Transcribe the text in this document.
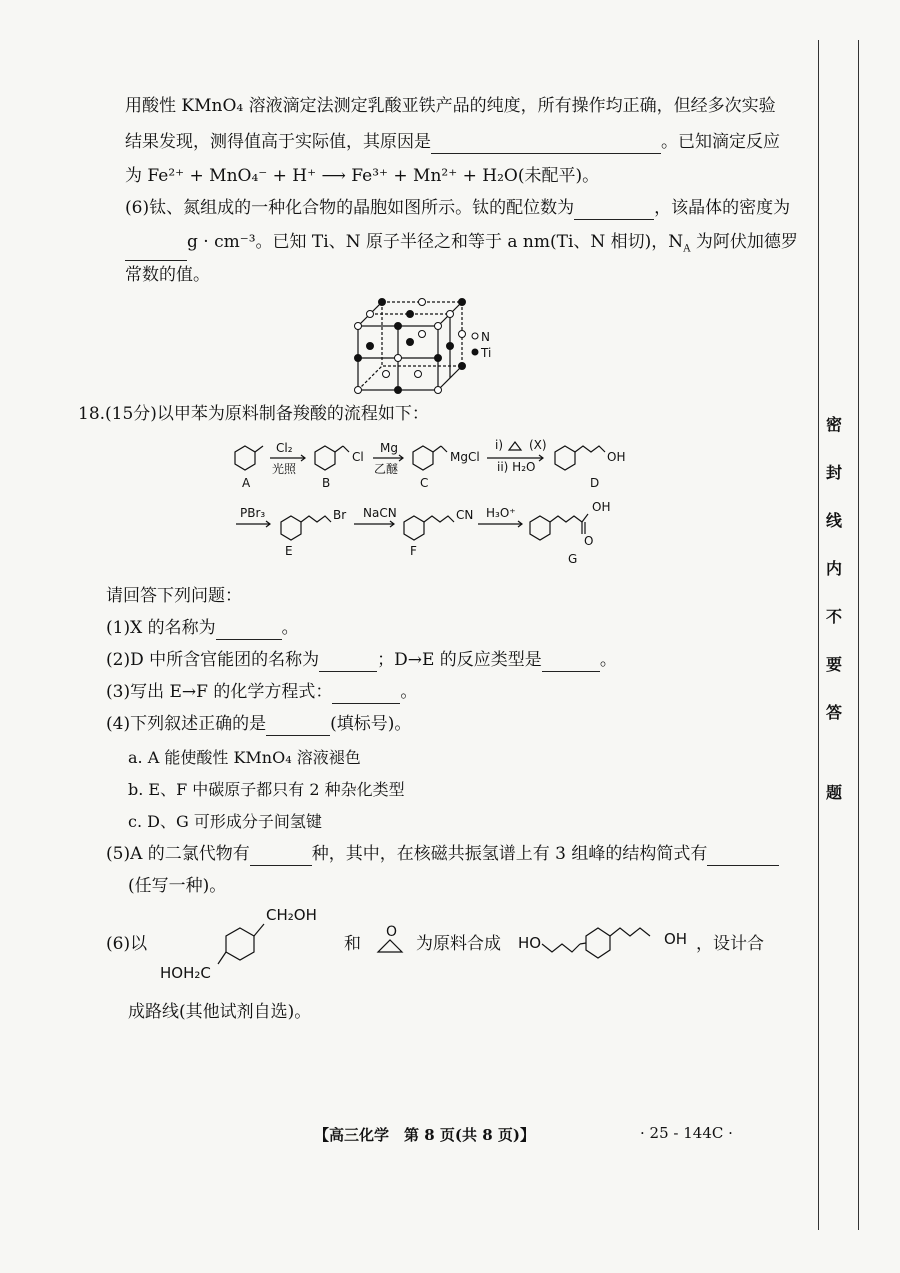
用酸性 KMnO₄ 溶液滴定法测定乳酸亚铁产品的纯度，所有操作均正确，但经多次实验
结果发现，测得值高于实际值，其原因是	。已知滴定反应
为 Fe²⁺ + MnO₄⁻ + H⁺ ⟶ Fe³⁺ + Mn²⁺ + H₂O(未配平)。
(6)钛、氮组成的一种化合物的晶胞如图所示。钛的配位数为	，该晶体的密度为
g · cm⁻³。已知 Ti、N 原子半径之和等于 a nm(Ti、N 相切)，$N_A$ 为阿伏加德罗
常数的值。
N
Ti
18.(15分)以甲苯为原料制备羧酸的流程如下：
Cl₂
光照
Cl
Mg
乙醚
MgCl
i) (X)
ii) H₂O
OH
A	B	C	D
PBr₃	Br NaCN	CN H₃O⁺	OH
O
E	F
G
请回答下列问题：
(1)X 的名称为	。
(2)D 中所含官能团的名称为	；D→E 的反应类型是	。
(3)写出 E→F 的化学方程式：	。
(4)下列叙述正确的是	(填标号)。
a. A 能使酸性 KMnO₄ 溶液褪色
b. E、F 中碳原子都只有 2 种杂化类型
c. D、G 可形成分子间氢键
(5)A 的二氯代物有	种，其中，在核磁共振氢谱上有 3 组峰的结构简式有
(任写一种)。
(6)以
CH₂OH
HOH₂C
和
O
为原料合成 HO	OH ，设计合
成路线(其他试剂自选)。
密
封
线
内
不
要
答
题
【高三化学　第 8 页(共 8 页)】	· 25 - 144C ·
